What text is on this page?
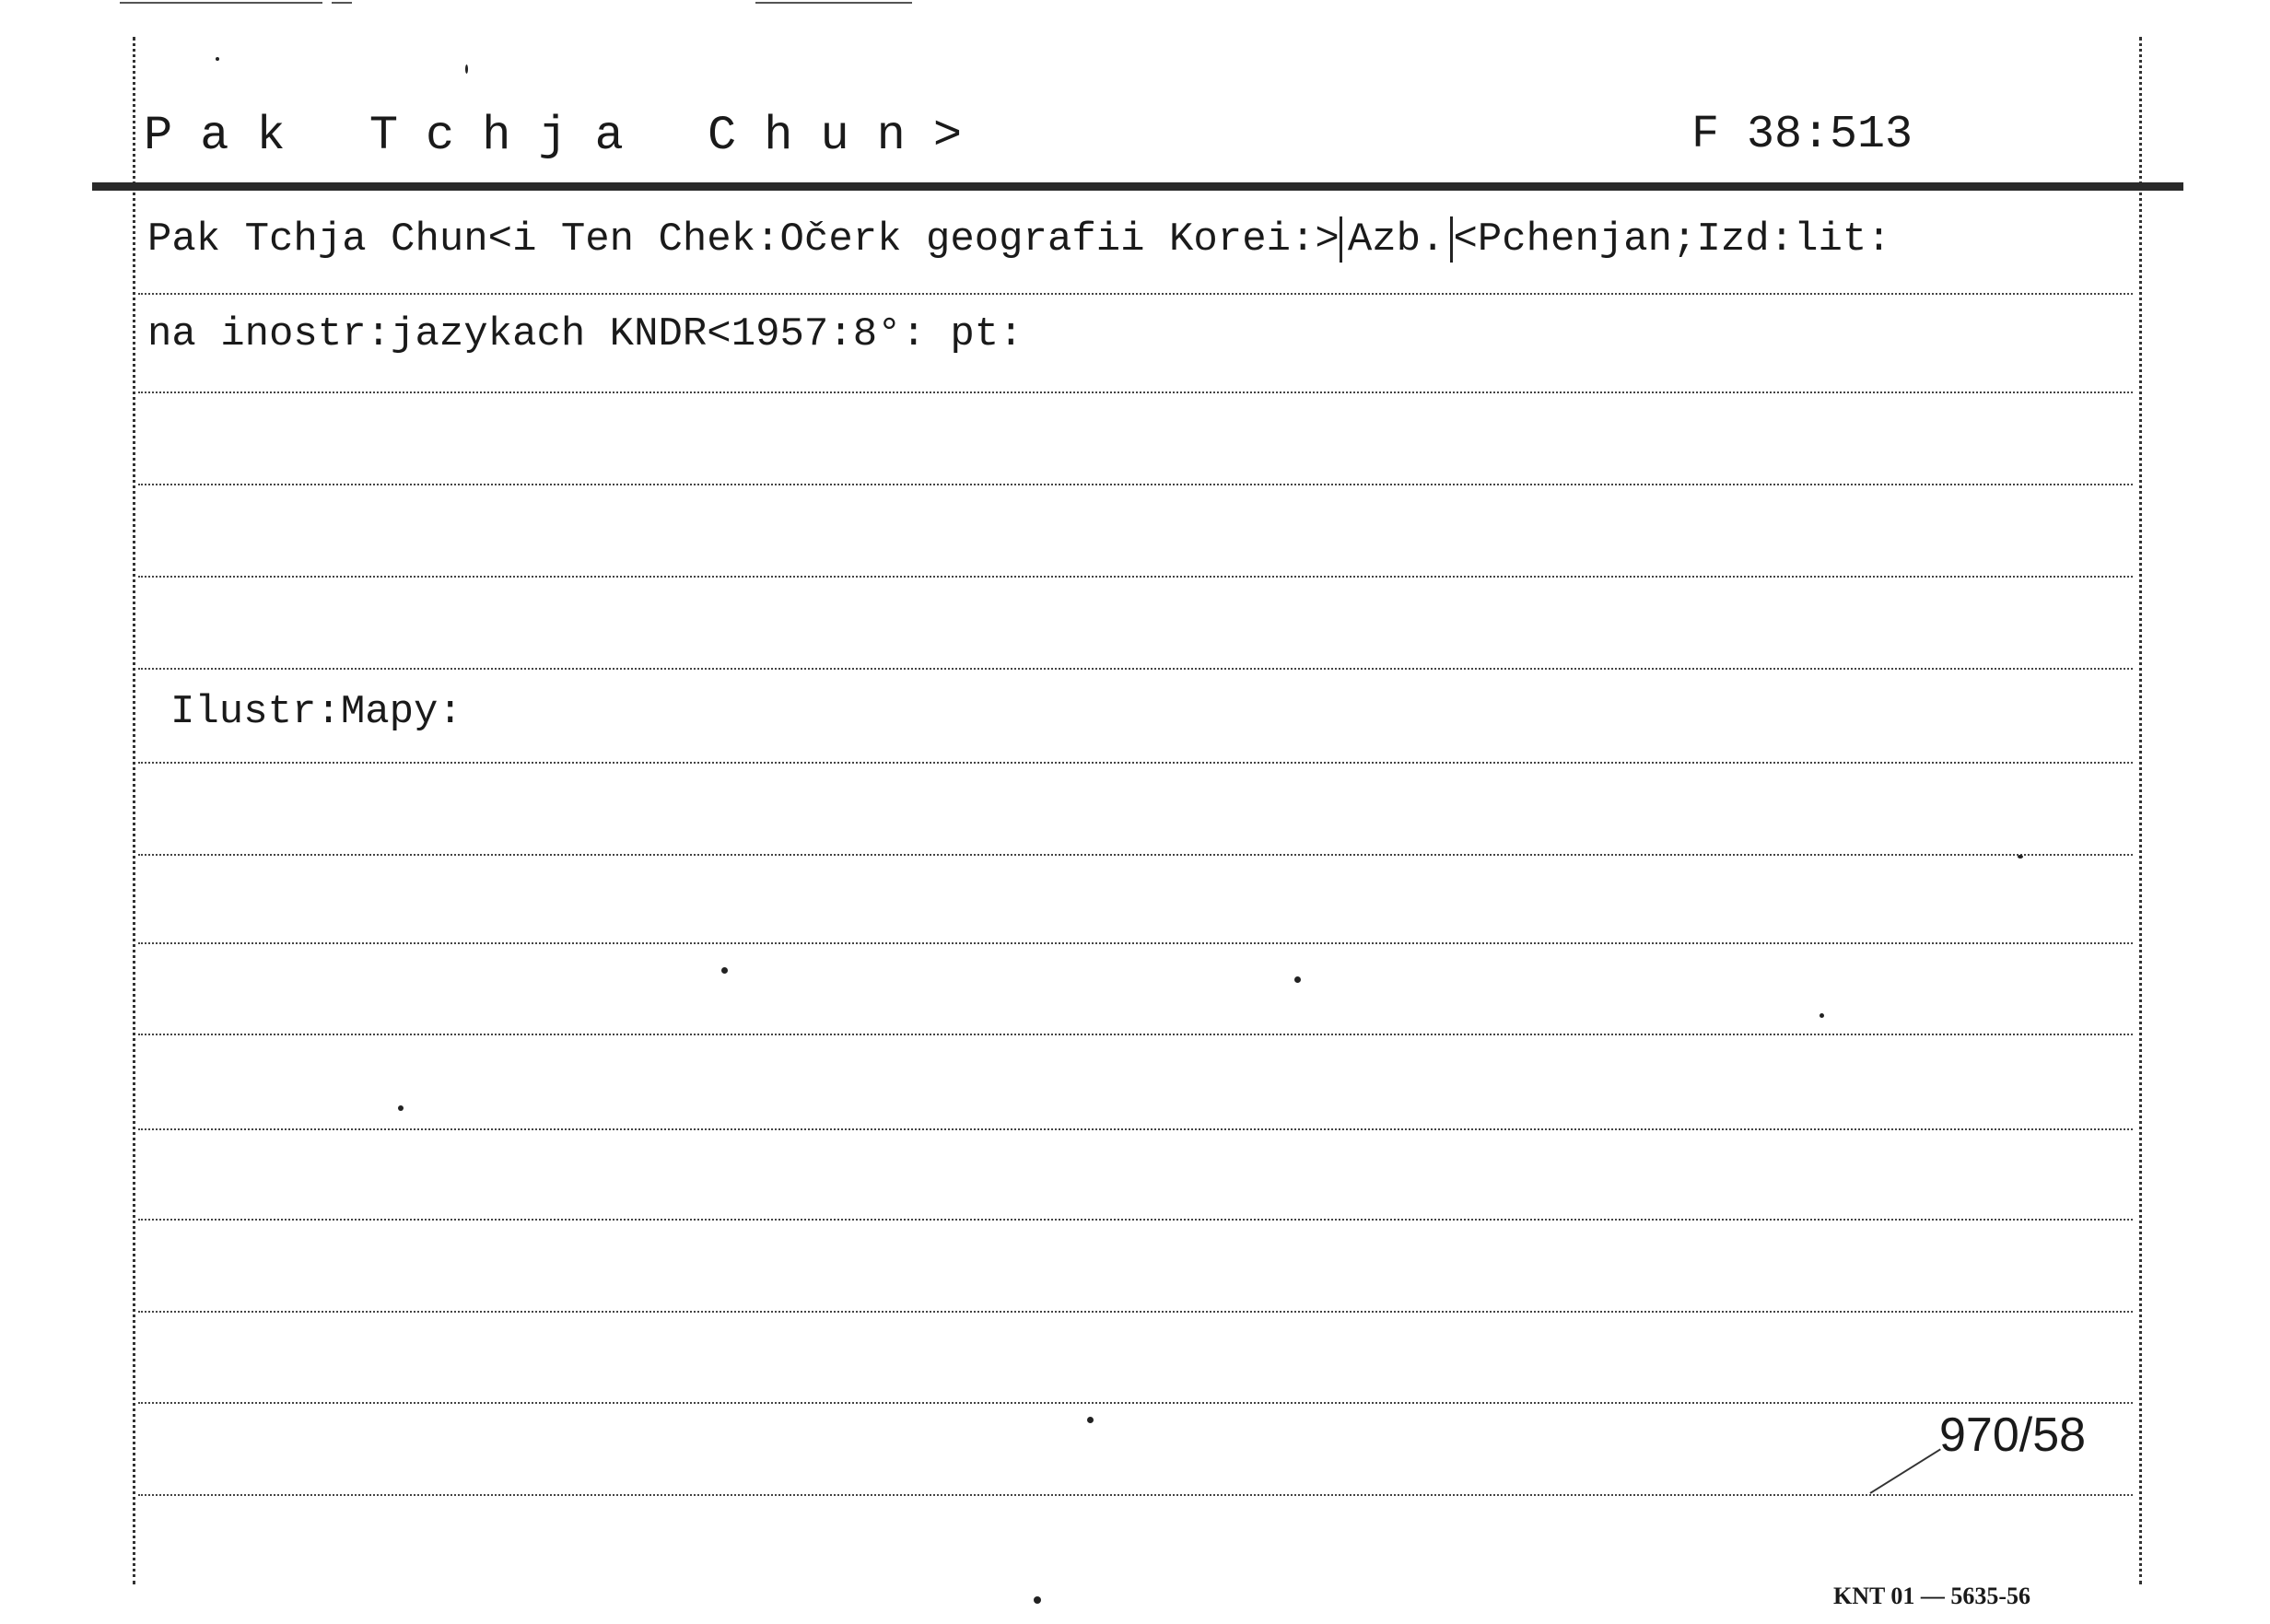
Pak Tchja Chun>	F 38:513
Pak Tchja Chun<i Ten Chek:Očerk geografii Korei:> Azb. <Pchenjan;Izd:lit:
na inostr:jazykach KNDR<1957:8°: pt:
Ilustr:Mapy:
970/58
KNT 01 — 5635-56
